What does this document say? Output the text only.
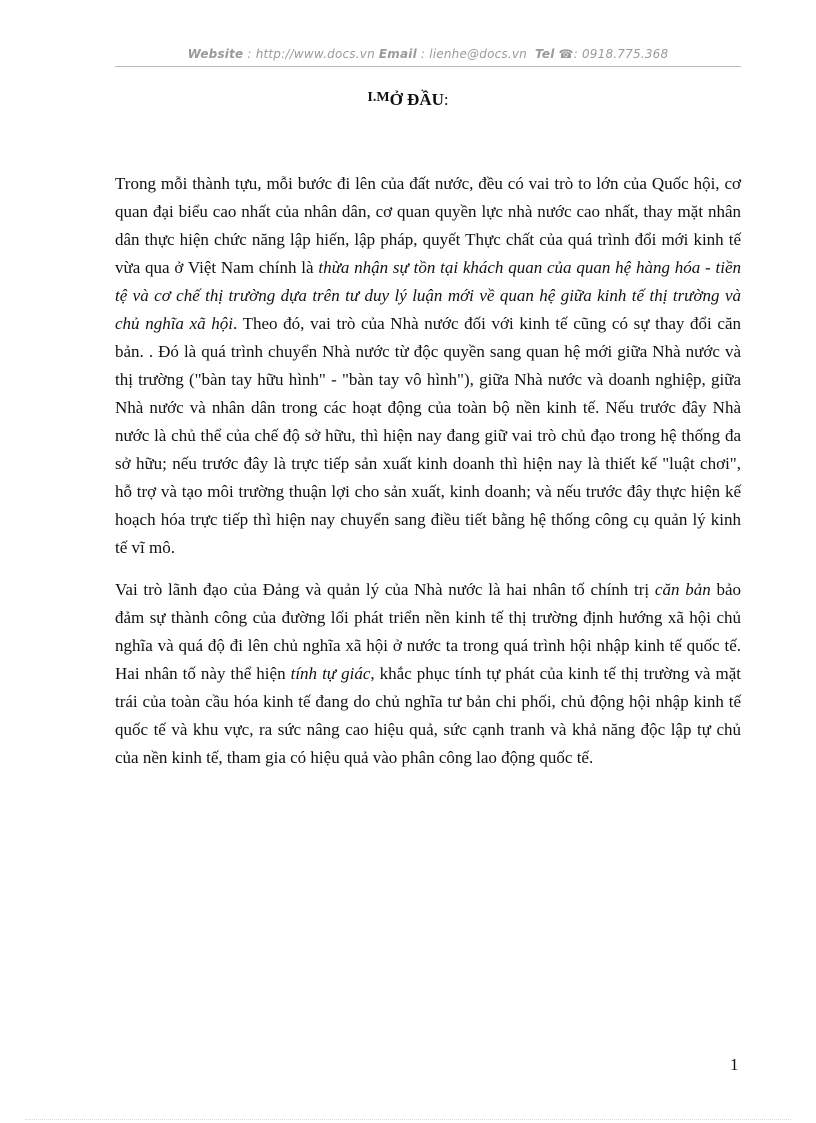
Website : http://www.docs.vn Email : lienhe@docs.vn Tel ☎: 0918.775.368
$^{I.M}$Ở ĐẦU:

Trong mỗi thành tựu, mỗi bước đi lên của đất nước, đều có vai trò to lớn của Quốc hội, cơ quan đại biểu cao nhất của nhân dân, cơ quan quyền lực nhà nước cao nhất, thay mặt nhân dân thực hiện chức năng lập hiến, lập pháp, quyết Thực chất của quá trình đổi mới kinh tế vừa qua ở Việt Nam chính là thừa nhận sự tồn tại khách quan của quan hệ hàng hóa - tiền tệ và cơ chế thị trường dựa trên tư duy lý luận mới về quan hệ giữa kinh tế thị trường và chủ nghĩa xã hội. Theo đó, vai trò của Nhà nước đối với kinh tế cũng có sự thay đổi căn bản. . Đó là quá trình chuyển Nhà nước từ độc quyền sang quan hệ mới giữa Nhà nước và thị trường ("bàn tay hữu hình" - "bàn tay vô hình"), giữa Nhà nước và doanh nghiệp, giữa Nhà nước và nhân dân trong các hoạt động của toàn bộ nền kinh tế. Nếu trước đây Nhà nước là chủ thể của chế độ sở hữu, thì hiện nay đang giữ vai trò chủ đạo trong hệ thống đa sở hữu; nếu trước đây là trực tiếp sản xuất kinh doanh thì hiện nay là thiết kế "luật chơi", hỗ trợ và tạo môi trường thuận lợi cho sản xuất, kinh doanh; và nếu trước đây thực hiện kế hoạch hóa trực tiếp thì hiện nay chuyển sang điều tiết bằng hệ thống công cụ quản lý kinh tế vĩ mô.

Vai trò lãnh đạo của Đảng và quản lý của Nhà nước là hai nhân tố chính trị căn bản bảo đảm sự thành công của đường lối phát triển nền kinh tế thị trường định hướng xã hội chủ nghĩa và quá độ đi lên chủ nghĩa xã hội ở nước ta trong quá trình hội nhập kinh tế quốc tế. Hai nhân tố này thể hiện tính tự giác, khắc phục tính tự phát của kinh tế thị trường và mặt trái của toàn cầu hóa kinh tế đang do chủ nghĩa tư bản chi phối, chủ động hội nhập kinh tế quốc tế và khu vực, ra sức nâng cao hiệu quả, sức cạnh tranh và khả năng độc lập tự chủ của nền kinh tế, tham gia có hiệu quả vào phân công lao động quốc tế.

1
